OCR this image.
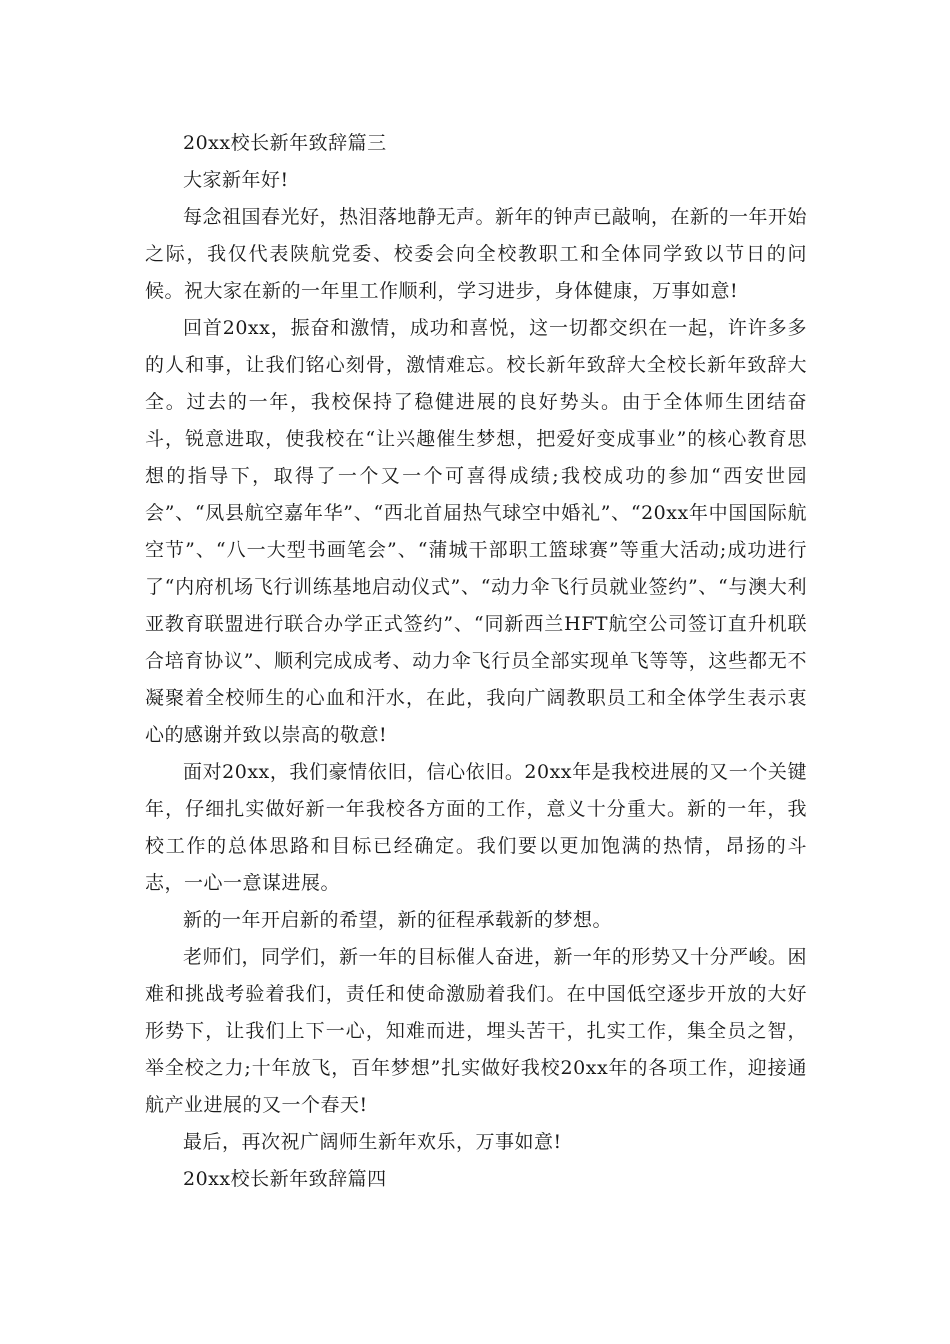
20xx校长新年致辞篇三

大家新年好!

每念祖国春光好，热泪落地静无声。新年的钟声已敲响，在新的一年开始之际，我仅代表陕航党委、校委会向全校教职工和全体同学致以节日的问候。祝大家在新的一年里工作顺利，学习进步，身体健康，万事如意!

回首20xx，振奋和激情，成功和喜悦，这一切都交织在一起，许许多多的人和事，让我们铭心刻骨，激情难忘。校长新年致辞大全校长新年致辞大全。过去的一年，我校保持了稳健进展的良好势头。由于全体师生团结奋斗，锐意进取，使我校在“让兴趣催生梦想，把爱好变成事业”的核心教育思想的指导下，取得了一个又一个可喜得成绩;我校成功的参加“西安世园会”、“凤县航空嘉年华”、“西北首届热气球空中婚礼”、“20xx年中国国际航空节”、“八一大型书画笔会”、“蒲城干部职工篮球赛”等重大活动;成功进行了“内府机场飞行训练基地启动仪式”、“动力伞飞行员就业签约”、“与澳大利亚教育联盟进行联合办学正式签约”、“同新西兰HFT航空公司签订直升机联合培育协议”、顺利完成成考、动力伞飞行员全部实现单飞等等，这些都无不凝聚着全校师生的心血和汗水，在此，我向广阔教职员工和全体学生表示衷心的感谢并致以崇高的敬意!

面对20xx，我们豪情依旧，信心依旧。20xx年是我校进展的又一个关键年，仔细扎实做好新一年我校各方面的工作，意义十分重大。新的一年，我校工作的总体思路和目标已经确定。我们要以更加饱满的热情，昂扬的斗志，一心一意谋进展。

新的一年开启新的希望，新的征程承载新的梦想。

老师们，同学们，新一年的目标催人奋进，新一年的形势又十分严峻。困难和挑战考验着我们，责任和使命激励着我们。在中国低空逐步开放的大好形势下，让我们上下一心，知难而进，埋头苦干，扎实工作，集全员之智，举全校之力;十年放飞，百年梦想”扎实做好我校20xx年的各项工作，迎接通航产业进展的又一个春天!

最后，再次祝广阔师生新年欢乐，万事如意!

20xx校长新年致辞篇四
